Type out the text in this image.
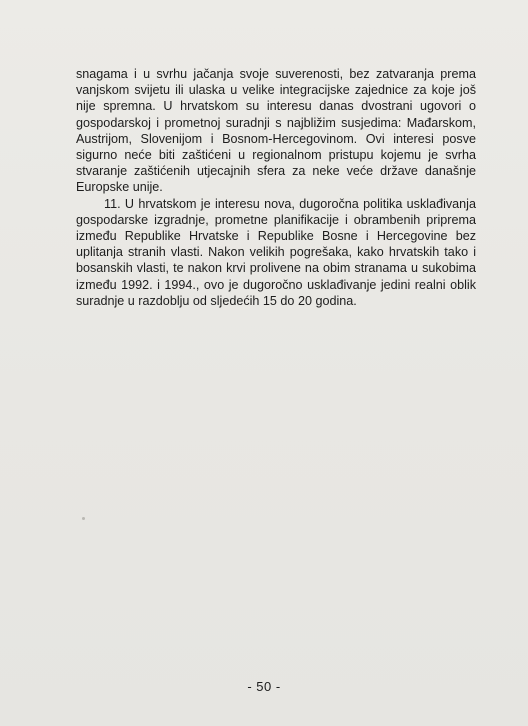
snagama i u svrhu jačanja svoje suverenosti, bez zatvaranja prema vanjskom svijetu ili ulaska u velike integracijske zajednice za koje još nije spremna. U hrvatskom su interesu danas dvostrani ugovori o gospodarskoj i prometnoj suradnji s najbližim susjedima: Mađarskom, Austrijom, Slovenijom i Bosnom-Hercegovinom. Ovi interesi posve sigurno neće biti zaštićeni u regionalnom pristupu kojemu je svrha stvaranje zaštićenih utjecajnih sfera za neke veće države današnje Europske unije.

11. U hrvatskom je interesu nova, dugoročna politika usklađivanja gospodarske izgradnje, prometne planifikacije i obrambenih priprema između Republike Hrvatske i Republike Bosne i Hercegovine bez uplitanja stranih vlasti. Nakon velikih pogrešaka, kako hrvatskih tako i bosanskih vlasti, te nakon krvi prolivene na obim stranama u sukobima između 1992. i 1994., ovo je dugoročno usklađivanje jedini realni oblik suradnje u razdoblju od sljedećih 15 do 20 godina.

- 50 -
